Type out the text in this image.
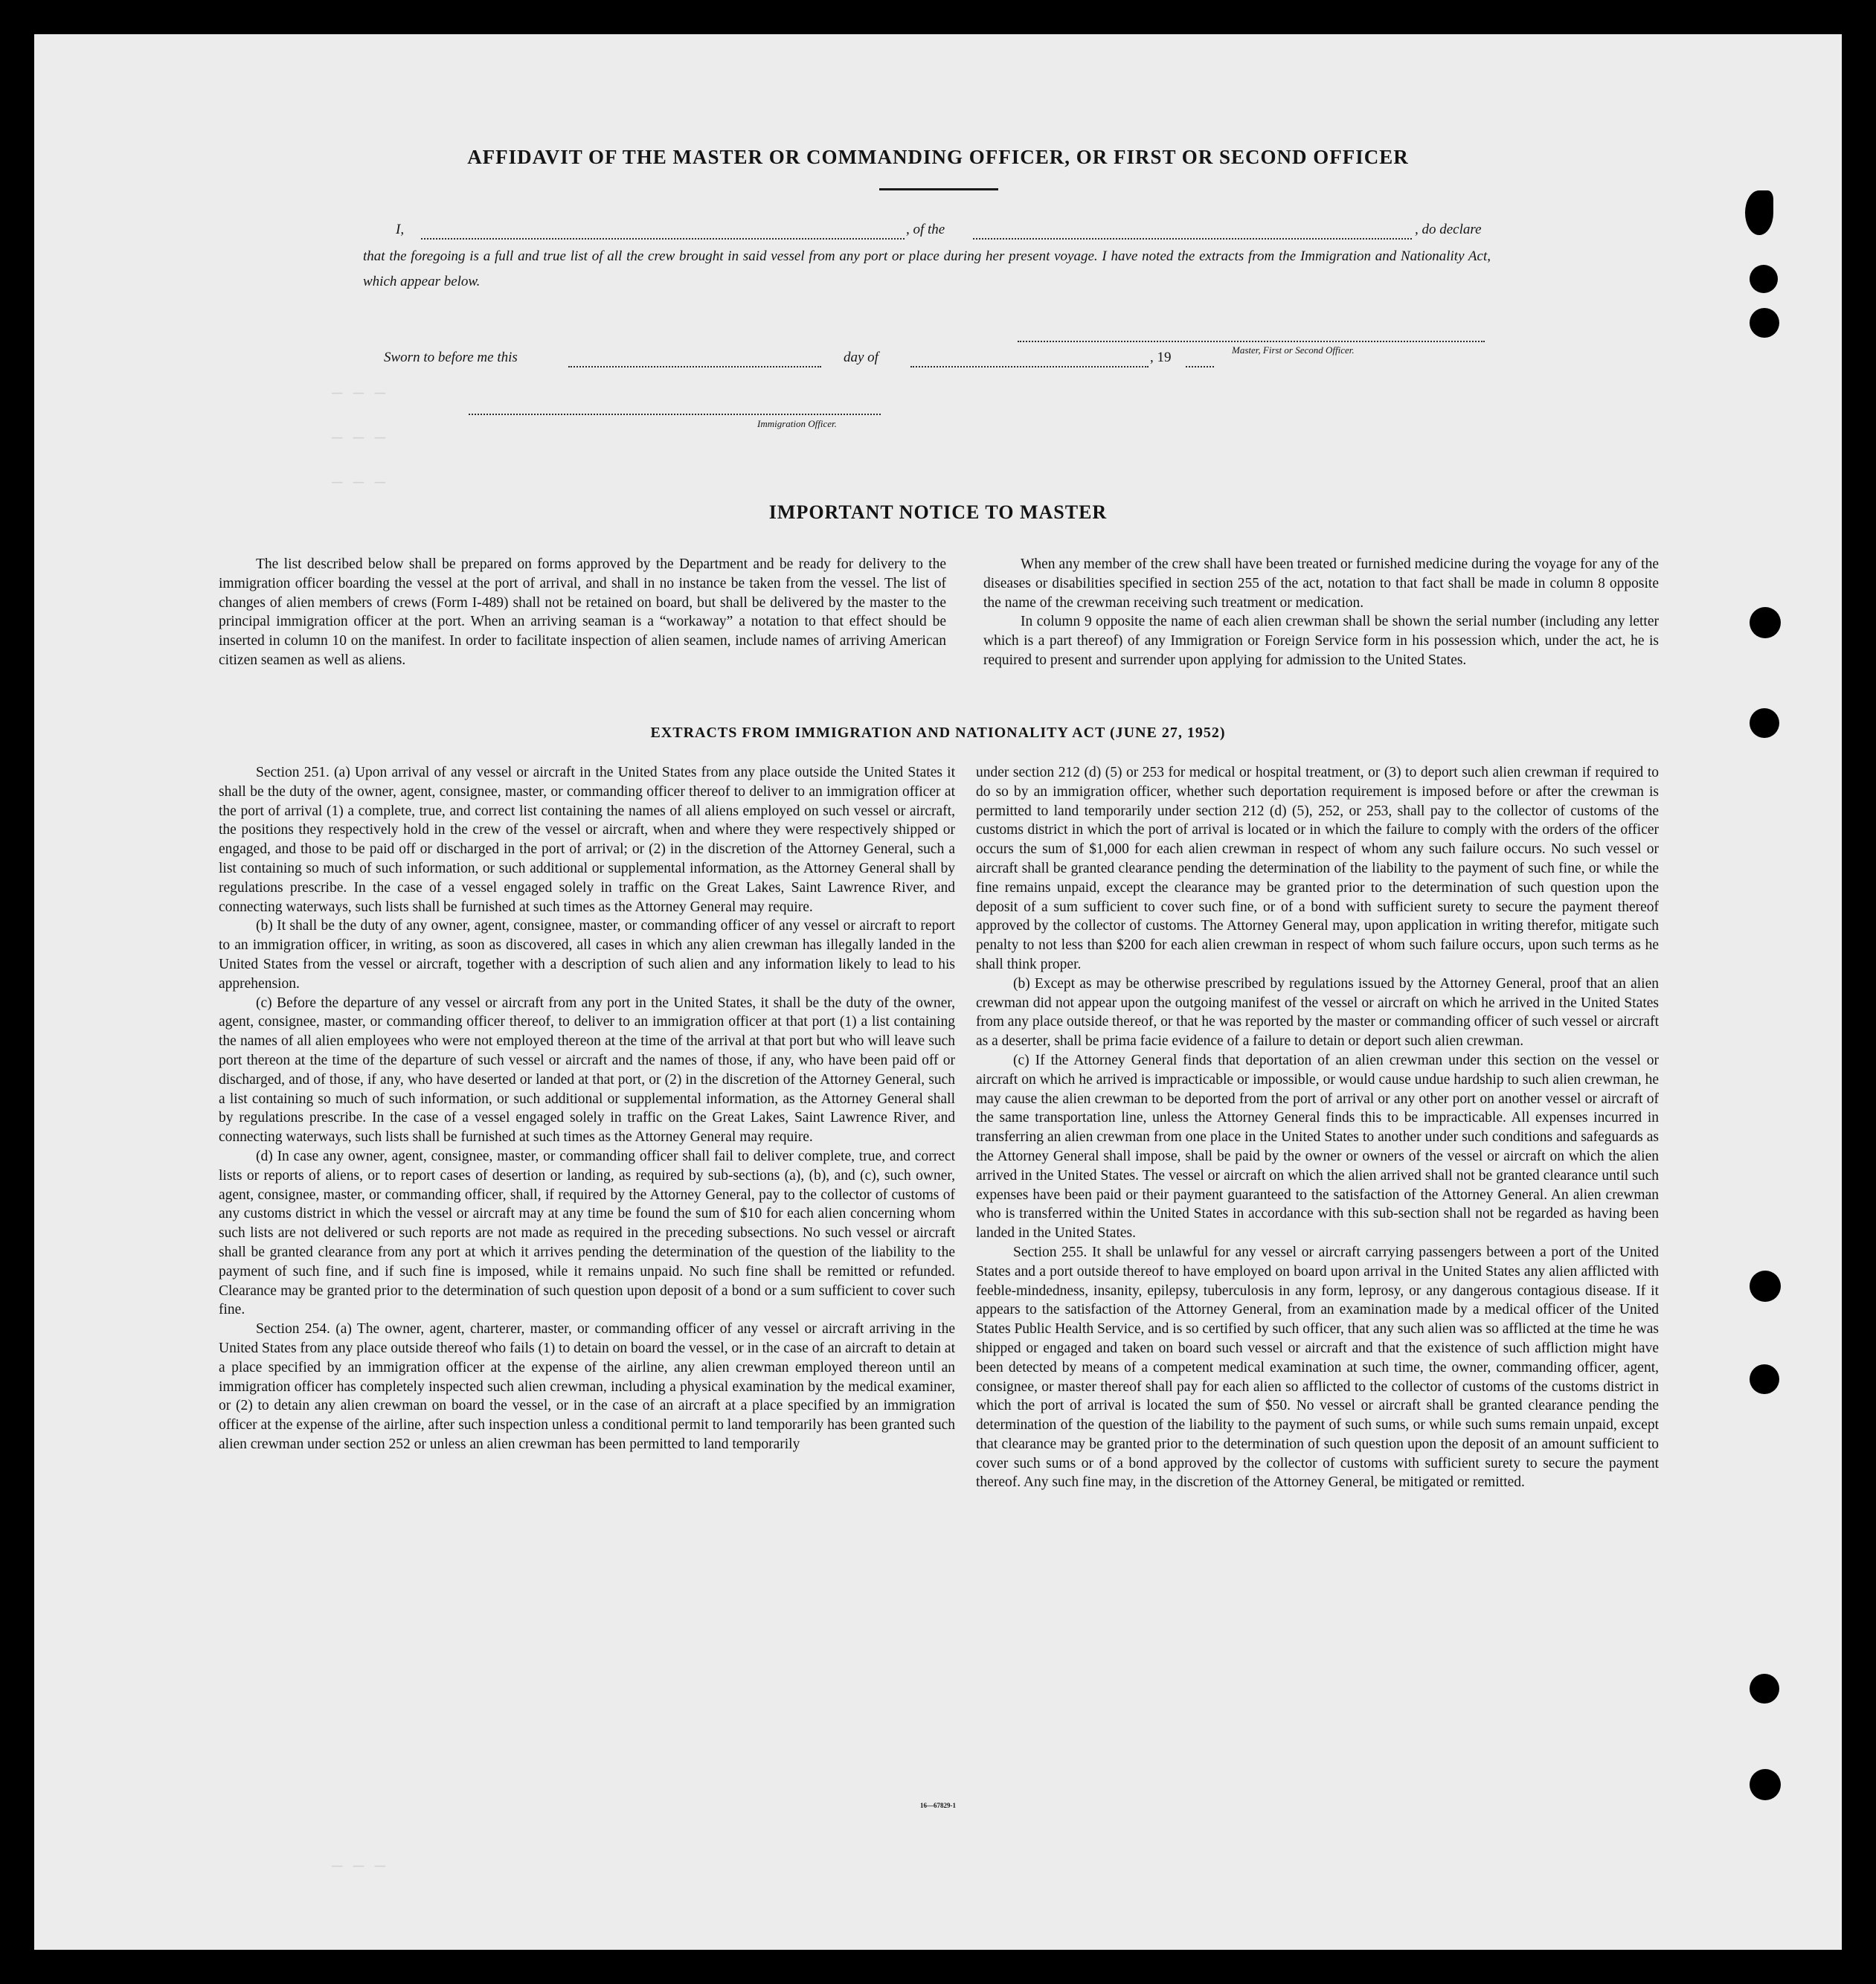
— — —
— — —
— — —
— — —
AFFIDAVIT OF THE MASTER OR COMMANDING OFFICER, OR FIRST OR SECOND OFFICER
I,	, of the	, do declare
that the foregoing is a full and true list of all the crew brought in said vessel from any port or place during her present voyage. I have noted the extracts from the Immigration and Nationality Act, which appear below.
Master, First or Second Officer.
Sworn to before me this	day of	, 19
Immigration Officer.
IMPORTANT NOTICE TO MASTER

The list described below shall be prepared on forms approved by the Department and be ready for delivery to the immigration officer boarding the vessel at the port of arrival, and shall in no instance be taken from the vessel. The list of changes of alien members of crews (Form I-489) shall not be retained on board, but shall be delivered by the master to the principal immigration officer at the port. When an arriving seaman is a “workaway” a notation to that effect should be inserted in column 10 on the manifest. In order to facilitate inspection of alien seamen, include names of arriving American citizen seamen as well as aliens.

When any member of the crew shall have been treated or furnished medicine during the voyage for any of the diseases or disabilities specified in section 255 of the act, notation to that fact shall be made in column 8 opposite the name of the crewman receiving such treatment or medication.

In column 9 opposite the name of each alien crewman shall be shown the serial number (including any letter which is a part thereof) of any Immigration or Foreign Service form in his possession which, under the act, he is required to present and surrender upon applying for admission to the United States.

EXTRACTS FROM IMMIGRATION AND NATIONALITY ACT (JUNE 27, 1952)

Section 251. (a) Upon arrival of any vessel or aircraft in the United States from any place outside the United States it shall be the duty of the owner, agent, consignee, master, or commanding officer thereof to deliver to an immigration officer at the port of arrival (1) a complete, true, and correct list containing the names of all aliens employed on such vessel or aircraft, the positions they respectively hold in the crew of the vessel or aircraft, when and where they were respectively shipped or engaged, and those to be paid off or discharged in the port of arrival; or (2) in the discretion of the Attorney General, such a list containing so much of such information, or such additional or supplemental information, as the Attorney General shall by regulations prescribe. In the case of a vessel engaged solely in traffic on the Great Lakes, Saint Lawrence River, and connecting waterways, such lists shall be furnished at such times as the Attorney General may require.

(b) It shall be the duty of any owner, agent, consignee, master, or commanding officer of any vessel or aircraft to report to an immigration officer, in writing, as soon as discovered, all cases in which any alien crewman has illegally landed in the United States from the vessel or aircraft, together with a description of such alien and any information likely to lead to his apprehension.

(c) Before the departure of any vessel or aircraft from any port in the United States, it shall be the duty of the owner, agent, consignee, master, or commanding officer thereof, to deliver to an immigration officer at that port (1) a list containing the names of all alien employees who were not employed thereon at the time of the arrival at that port but who will leave such port thereon at the time of the departure of such vessel or aircraft and the names of those, if any, who have been paid off or discharged, and of those, if any, who have deserted or landed at that port, or (2) in the discretion of the Attorney General, such a list containing so much of such information, or such additional or supplemental information, as the Attorney General shall by regulations prescribe. In the case of a vessel engaged solely in traffic on the Great Lakes, Saint Lawrence River, and connecting waterways, such lists shall be furnished at such times as the Attorney General may require.

(d) In case any owner, agent, consignee, master, or commanding officer shall fail to deliver complete, true, and correct lists or reports of aliens, or to report cases of desertion or landing, as required by sub-sections (a), (b), and (c), such owner, agent, consignee, master, or commanding officer, shall, if required by the Attorney General, pay to the collector of customs of any customs district in which the vessel or aircraft may at any time be found the sum of $10 for each alien concerning whom such lists are not delivered or such reports are not made as required in the preceding subsections. No such vessel or aircraft shall be granted clearance from any port at which it arrives pending the determination of the question of the liability to the payment of such fine, and if such fine is imposed, while it remains unpaid. No such fine shall be remitted or refunded. Clearance may be granted prior to the determination of such question upon deposit of a bond or a sum sufficient to cover such fine.

Section 254. (a) The owner, agent, charterer, master, or commanding officer of any vessel or aircraft arriving in the United States from any place outside thereof who fails (1) to detain on board the vessel, or in the case of an aircraft to detain at a place specified by an immigration officer at the expense of the airline, any alien crewman employed thereon until an immigration officer has completely inspected such alien crewman, including a physical examination by the medical examiner, or (2) to detain any alien crewman on board the vessel, or in the case of an aircraft at a place specified by an immigration officer at the expense of the airline, after such inspection unless a conditional permit to land temporarily has been granted such alien crewman under section 252 or unless an alien crewman has been permitted to land temporarily

under section 212 (d) (5) or 253 for medical or hospital treatment, or (3) to deport such alien crewman if required to do so by an immigration officer, whether such deportation requirement is imposed before or after the crewman is permitted to land temporarily under section 212 (d) (5), 252, or 253, shall pay to the collector of customs of the customs district in which the port of arrival is located or in which the failure to comply with the orders of the officer occurs the sum of $1,000 for each alien crewman in respect of whom any such failure occurs. No such vessel or aircraft shall be granted clearance pending the determination of the liability to the payment of such fine, or while the fine remains unpaid, except the clearance may be granted prior to the determination of such question upon the deposit of a sum sufficient to cover such fine, or of a bond with sufficient surety to secure the payment thereof approved by the collector of customs. The Attorney General may, upon application in writing therefor, mitigate such penalty to not less than $200 for each alien crewman in respect of whom such failure occurs, upon such terms as he shall think proper.

(b) Except as may be otherwise prescribed by regulations issued by the Attorney General, proof that an alien crewman did not appear upon the outgoing manifest of the vessel or aircraft on which he arrived in the United States from any place outside thereof, or that he was reported by the master or commanding officer of such vessel or aircraft as a deserter, shall be prima facie evidence of a failure to detain or deport such alien crewman.

(c) If the Attorney General finds that deportation of an alien crewman under this section on the vessel or aircraft on which he arrived is impracticable or impossible, or would cause undue hardship to such alien crewman, he may cause the alien crewman to be deported from the port of arrival or any other port on another vessel or aircraft of the same transportation line, unless the Attorney General finds this to be impracticable. All expenses incurred in transferring an alien crewman from one place in the United States to another under such conditions and safeguards as the Attorney General shall impose, shall be paid by the owner or owners of the vessel or aircraft on which the alien arrived in the United States. The vessel or aircraft on which the alien arrived shall not be granted clearance until such expenses have been paid or their payment guaranteed to the satisfaction of the Attorney General. An alien crewman who is transferred within the United States in accordance with this sub-section shall not be regarded as having been landed in the United States.

Section 255. It shall be unlawful for any vessel or aircraft carrying passengers between a port of the United States and a port outside thereof to have employed on board upon arrival in the United States any alien afflicted with feeble-mindedness, insanity, epilepsy, tuberculosis in any form, leprosy, or any dangerous contagious disease. If it appears to the satisfaction of the Attorney General, from an examination made by a medical officer of the United States Public Health Service, and is so certified by such officer, that any such alien was so afflicted at the time he was shipped or engaged and taken on board such vessel or aircraft and that the existence of such affliction might have been detected by means of a competent medical examination at such time, the owner, commanding officer, agent, consignee, or master thereof shall pay for each alien so afflicted to the collector of customs of the customs district in which the port of arrival is located the sum of $50. No vessel or aircraft shall be granted clearance pending the determination of the question of the liability to the payment of such sums, or while such sums remain unpaid, except that clearance may be granted prior to the determination of such question upon the deposit of an amount sufficient to cover such sums or of a bond approved by the collector of customs with sufficient surety to secure the payment thereof. Any such fine may, in the discretion of the Attorney General, be mitigated or remitted.

16—67829-1
